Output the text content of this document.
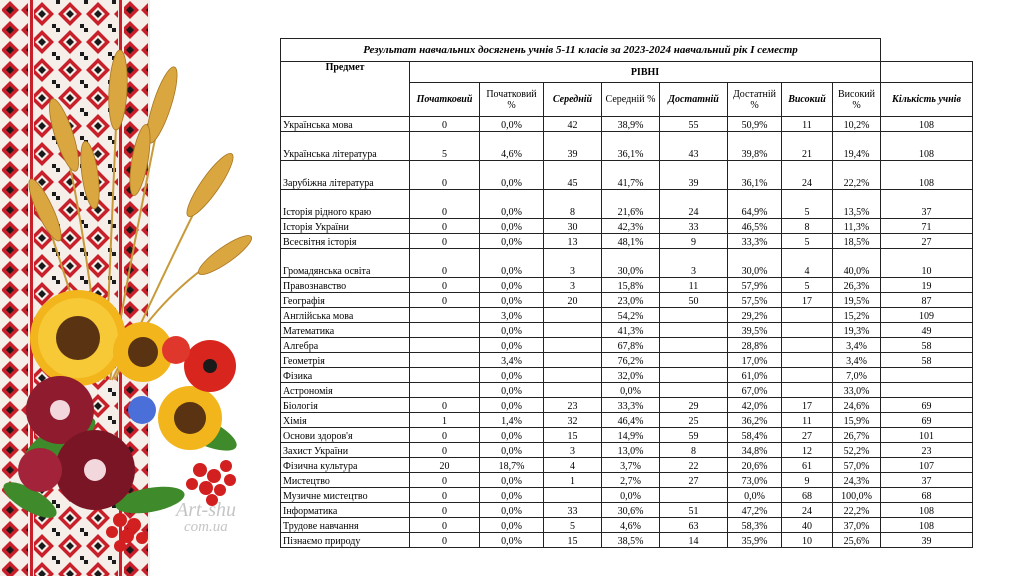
Art-shu
com.ua
Результат навчальних досягнень учнів 5-11 класів за 2023-2024 навчальний рік І семестр									
Предмет	РІВНІ								
	Початковий	Початковий %	Середній	Середній %	Достатній	Достатній %	Високий	Високий %	Кількість учнів
Українська мова	0	0,0%	42	38,9%	55	50,9%	11	10,2%	108
Українська література	5	4,6%	39	36,1%	43	39,8%	21	19,4%	108
Зарубіжна література	0	0,0%	45	41,7%	39	36,1%	24	22,2%	108
Історія рідного краю	0	0,0%	8	21,6%	24	64,9%	5	13,5%	37
Історія України	0	0,0%	30	42,3%	33	46,5%	8	11,3%	71
Всесвітня історія	0	0,0%	13	48,1%	9	33,3%	5	18,5%	27
Громадянська освіта	0	0,0%	3	30,0%	3	30,0%	4	40,0%	10
Правознавство	0	0,0%	3	15,8%	11	57,9%	5	26,3%	19
Географія	0	0,0%	20	23,0%	50	57,5%	17	19,5%	87
Англійська мова		3,0%		54,2%		29,2%		15,2%	109
Математика		0,0%		41,3%		39,5%		19,3%	49
Алгебра		0,0%		67,8%		28,8%		3,4%	58
Геометрія		3,4%		76,2%		17,0%		3,4%	58
Фізика		0,0%		32,0%		61,0%		7,0%	
Астрономія		0,0%		0,0%		67,0%		33,0%	
Біологія	0	0,0%	23	33,3%	29	42,0%	17	24,6%	69
Хімія	1	1,4%	32	46,4%	25	36,2%	11	15,9%	69
Основи здоров'я	0	0,0%	15	14,9%	59	58,4%	27	26,7%	101
Захист України	0	0,0%	3	13,0%	8	34,8%	12	52,2%	23
Фізична культура	20	18,7%	4	3,7%	22	20,6%	61	57,0%	107
Мистецтво	0	0,0%	1	2,7%	27	73,0%	9	24,3%	37
Музичне мистецтво	0	0,0%		0,0%		0,0%	68	100,0%	68
Інформатика	0	0,0%	33	30,6%	51	47,2%	24	22,2%	108
Трудове навчання	0	0,0%	5	4,6%	63	58,3%	40	37,0%	108
Пізнаємо природу	0	0,0%	15	38,5%	14	35,9%	10	25,6%	39
